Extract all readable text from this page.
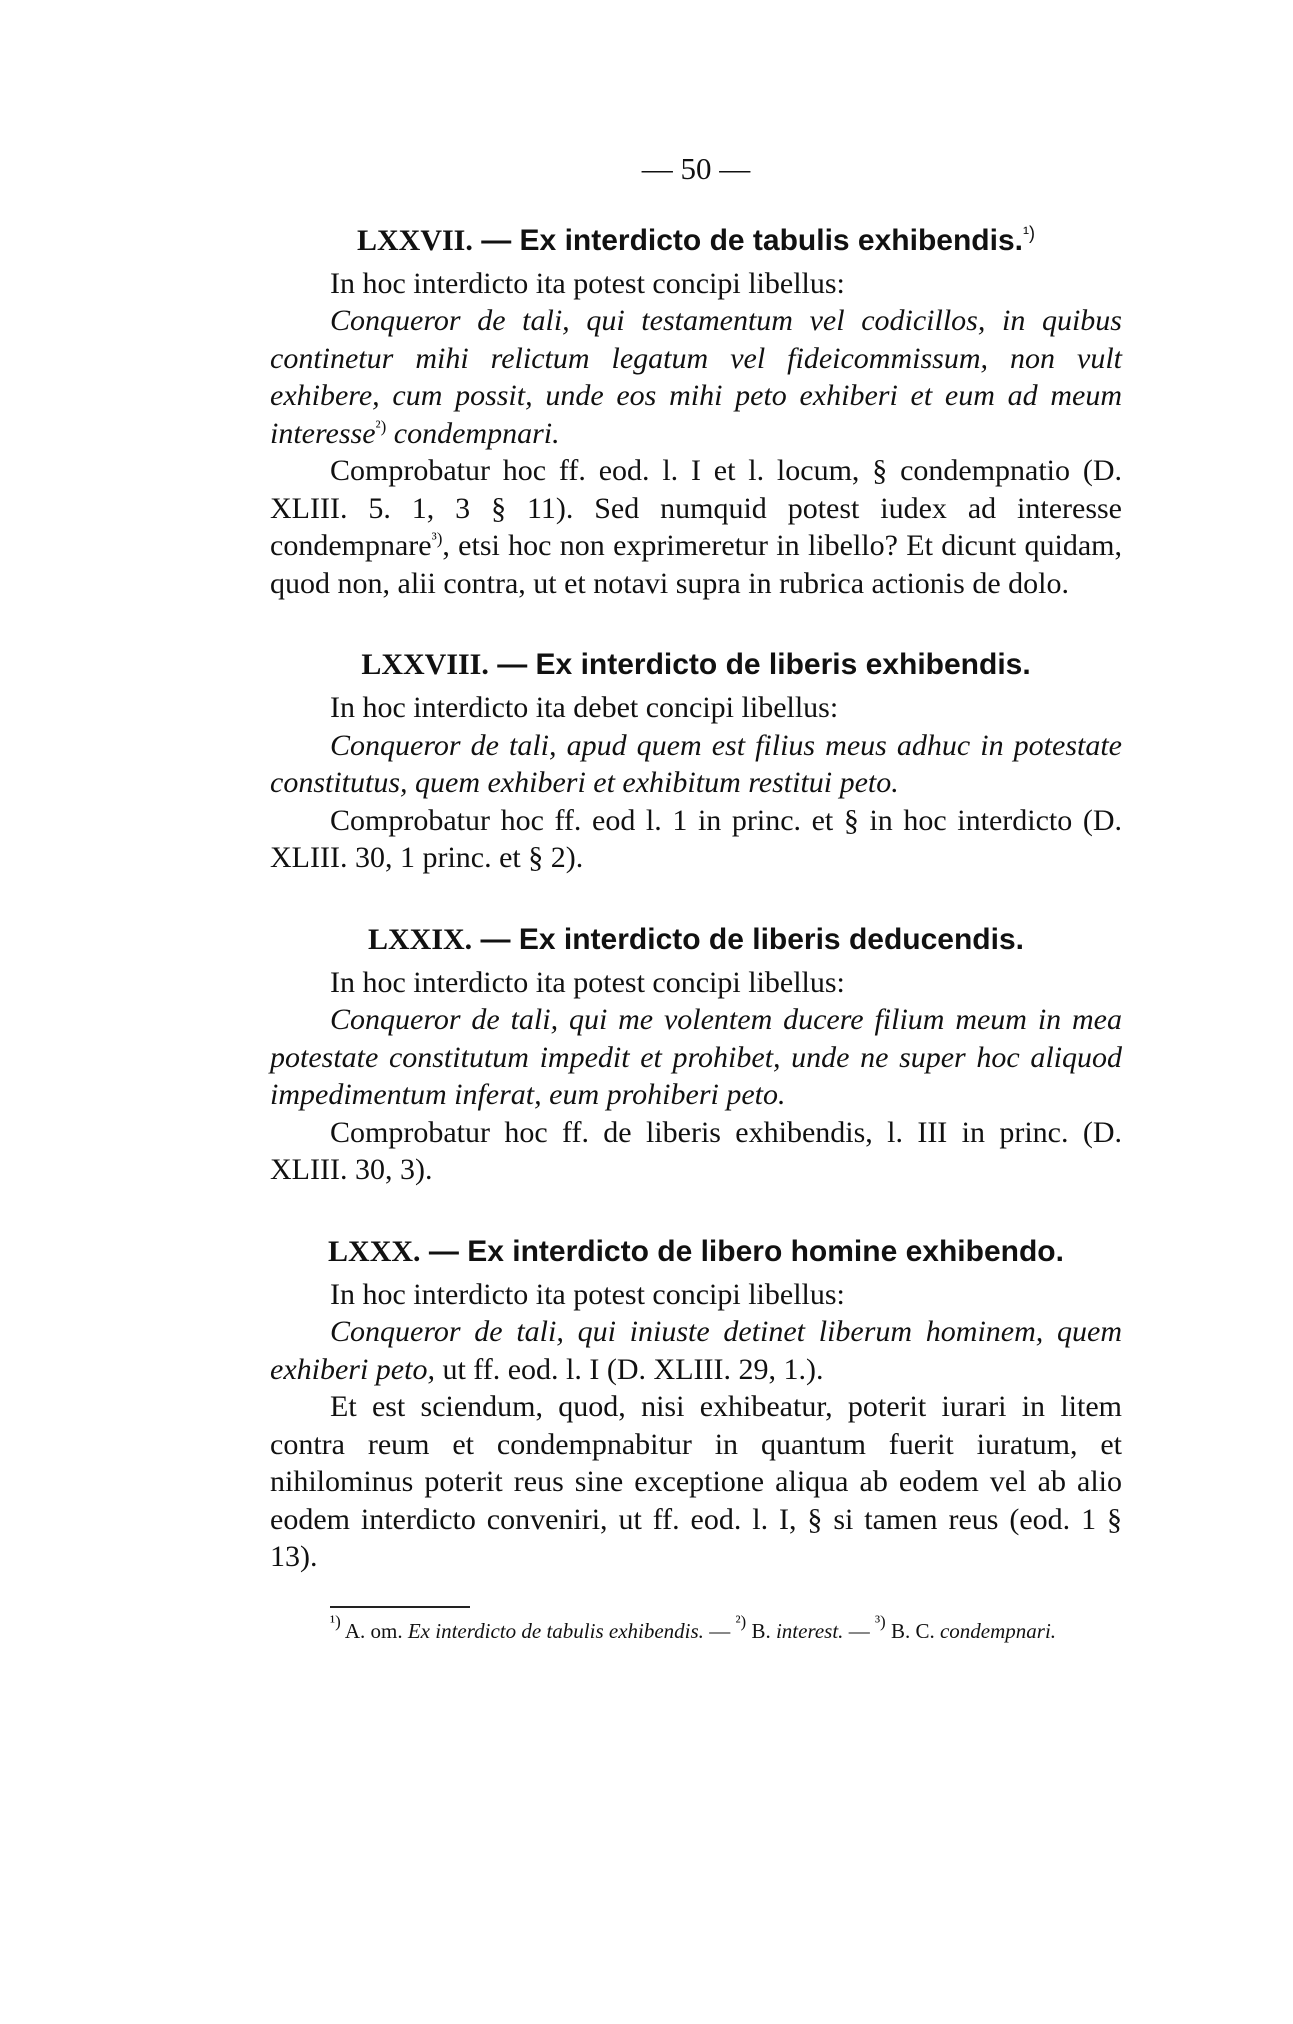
— 50 —
LXXVII. — Ex interdicto de tabulis exhibendis.$^{^1)}$

In hoc interdicto ita potest concipi libellus:

Conqueror de tali, qui testamentum vel codicillos, in quibus continetur mihi relictum legatum vel fideicommissum, non vult exhibere, cum possit, unde eos mihi peto exhiberi et eum ad meum interesse$^{^2)}$ condempnari.

Comprobatur hoc ff. eod. l. I et l. locum, § condempnatio (D. XLIII. 5. 1, 3 § 11). Sed numquid potest iudex ad interesse condempnare$^{^3)}$, etsi hoc non exprimeretur in libello? Et dicunt quidam, quod non, alii contra, ut et notavi supra in rubrica actionis de dolo.

LXXVIII. — Ex interdicto de liberis exhibendis.

In hoc interdicto ita debet concipi libellus:

Conqueror de tali, apud quem est filius meus adhuc in potestate constitutus, quem exhiberi et exhibitum restitui peto.

Comprobatur hoc ff. eod l. 1 in princ. et § in hoc interdicto (D. XLIII. 30, 1 princ. et § 2).

LXXIX. — Ex interdicto de liberis deducendis.

In hoc interdicto ita potest concipi libellus:

Conqueror de tali, qui me volentem ducere filium meum in mea potestate constitutum impedit et prohibet, unde ne super hoc aliquod impedimentum inferat, eum prohiberi peto.

Comprobatur hoc ff. de liberis exhibendis, l. III in princ. (D. XLIII. 30, 3).

LXXX. — Ex interdicto de libero homine exhibendo.

In hoc interdicto ita potest concipi libellus:

Conqueror de tali, qui iniuste detinet liberum hominem, quem exhiberi peto, ut ff. eod. l. I (D. XLIII. 29, 1.).

Et est sciendum, quod, nisi exhibeatur, poterit iurari in litem contra reum et condempnabitur in quantum fuerit iuratum, et nihilominus poterit reus sine exceptione aliqua ab eodem vel ab alio eodem interdicto conveniri, ut ff. eod. l. I, § si tamen reus (eod. 1 § 13).

$^{^1)}$ A. om. Ex interdicto de tabulis exhibendis. — $^{^2)}$ B. interest. — $^{^3)}$ B. C. condempnari.
